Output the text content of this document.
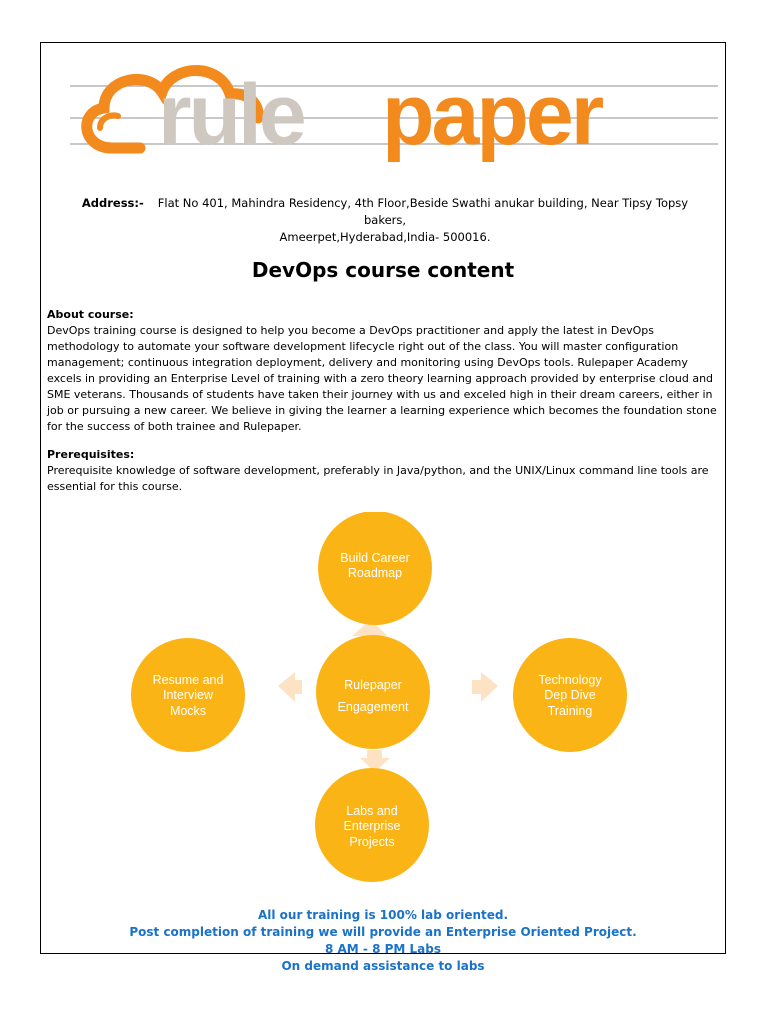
rule paper
Address:- Flat No 401, Mahindra Residency, 4th Floor,Beside Swathi anukar building, Near Tipsy Topsy bakers,
Ameerpet,Hyderabad,India- 500016.
DevOps course content
About course:
DevOps training course is designed to help you become a DevOps practitioner and apply the latest in DevOps methodology to automate your software development lifecycle right out of the class. You will master configuration management; continuous integration deployment, delivery and monitoring using DevOps tools. Rulepaper Academy excels in providing an Enterprise Level of training with a zero theory learning approach provided by enterprise cloud and SME veterans. Thousands of students have taken their journey with us and exceled high in their dream careers, either in job or pursuing a new career. We believe in giving the learner a learning experience which becomes the foundation stone for the success of both trainee and Rulepaper.
Prerequisites:
Prerequisite knowledge of software development, preferably in Java/python, and the UNIX/Linux command line tools are essential for this course.
Build Career
Roadmap
Resume and
Interview
Mocks
Rulepaper
Engagement
Technology
Dep Dive
Training
Labs and
Enterprise
Projects
All our training is 100% lab oriented.
Post completion of training we will provide an Enterprise Oriented Project.
8 AM - 8 PM Labs
On demand assistance to labs
